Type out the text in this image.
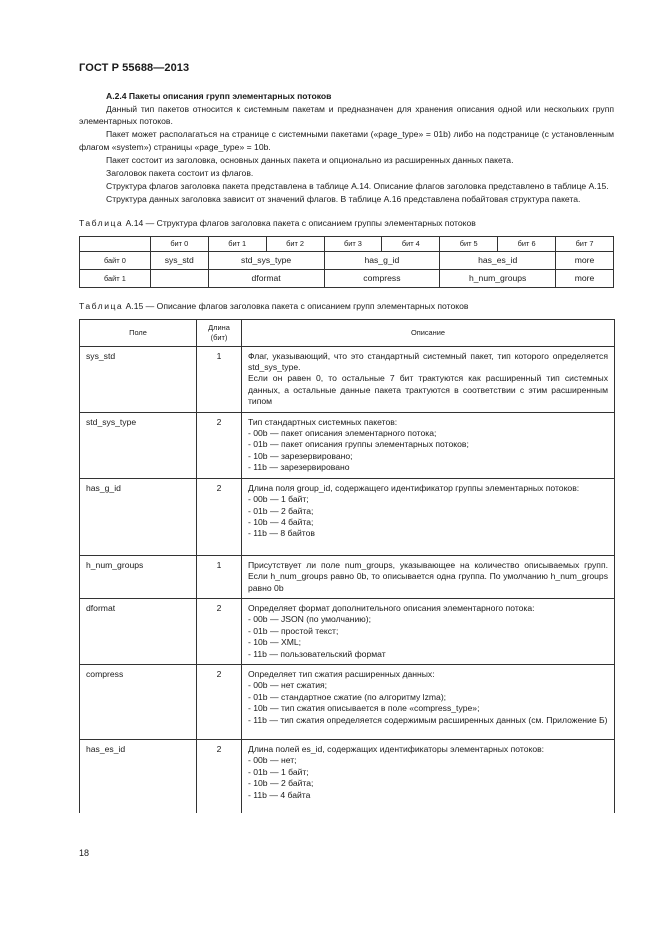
ГОСТ Р 55688—2013
А.2.4 Пакеты описания групп элементарных потоков

Данный тип пакетов относится к системным пакетам и предназначен для хранения описания одной или нескольких групп элементарных потоков.

Пакет может располагаться на странице с системными пакетами («page_type» = 01b) либо на подстранице (с установленным флагом «system») страницы «page_type» = 10b.

Пакет состоит из заголовка, основных данных пакета и опционально из расширенных данных пакета.

Заголовок пакета состоит из флагов.

Структура флагов заголовка пакета представлена в таблице А.14. Описание флагов заголовка представлено в таблице А.15.

Структура данных заголовка зависит от значений флагов. В таблице А.16 представлена побайтовая структура пакета.

Таблица А.14 — Структура флагов заголовка пакета с описанием группы элементарных потоков
	бит 0	бит 1	бит 2	бит 3	бит 4	бит 5	бит 6	бит 7
байт 0	sys_std	std_sys_type		has_g_id		has_es_id		more
байт 1		dformat		compress		h_num_groups		more
Таблица А.15 — Описание флагов заголовка пакета с описанием групп элементарных потоков
Поле	Длина (бит)	Описание
sys_std	1	Флаг, указывающий, что это стандартный системный пакет, тип которого определяется std_sys_type.
Если он равен 0, то остальные 7 бит трактуются как расширенный тип системных данных, а остальные данные пакета трактуются в соответствии с этим расширенным типом

std_sys_type	2	Тип стандартных системных пакетов:
- 00b — пакет описания элементарного потока;
- 01b — пакет описания группы элементарных потоков;
- 10b — зарезервировано;
- 11b — зарезервировано

has_g_id	2	Длина поля group_id, содержащего идентификатор группы элементарных потоков:
- 00b — 1 байт;
- 01b — 2 байта;
- 10b — 4 байта;
- 11b — 8 байтов

h_num_groups	1	Присутствует ли поле num_groups, указывающее на количество описываемых групп. Если h_num_groups равно 0b, то описывается одна группа. По умолчанию h_num_groups равно 0b
dformat	2	Определяет формат дополнительного описания элементарного потока:
- 00b — JSON (по умолчанию);
- 01b — простой текст;
- 10b — XML;
- 11b — пользовательский формат

compress	2	Определяет тип сжатия расширенных данных:
- 00b — нет сжатия;
- 01b — стандартное сжатие (по алгоритму lzma);
- 10b — тип сжатия описывается в поле «compress_type»;
- 11b — тип сжатия определяется содержимым расширенных данных (см. Приложение Б)

has_es_id	2	Длина полей es_id, содержащих идентификаторы элементарных потоков:
- 00b — нет;
- 01b — 1 байт;
- 10b — 2 байта;
- 11b — 4 байта
18
